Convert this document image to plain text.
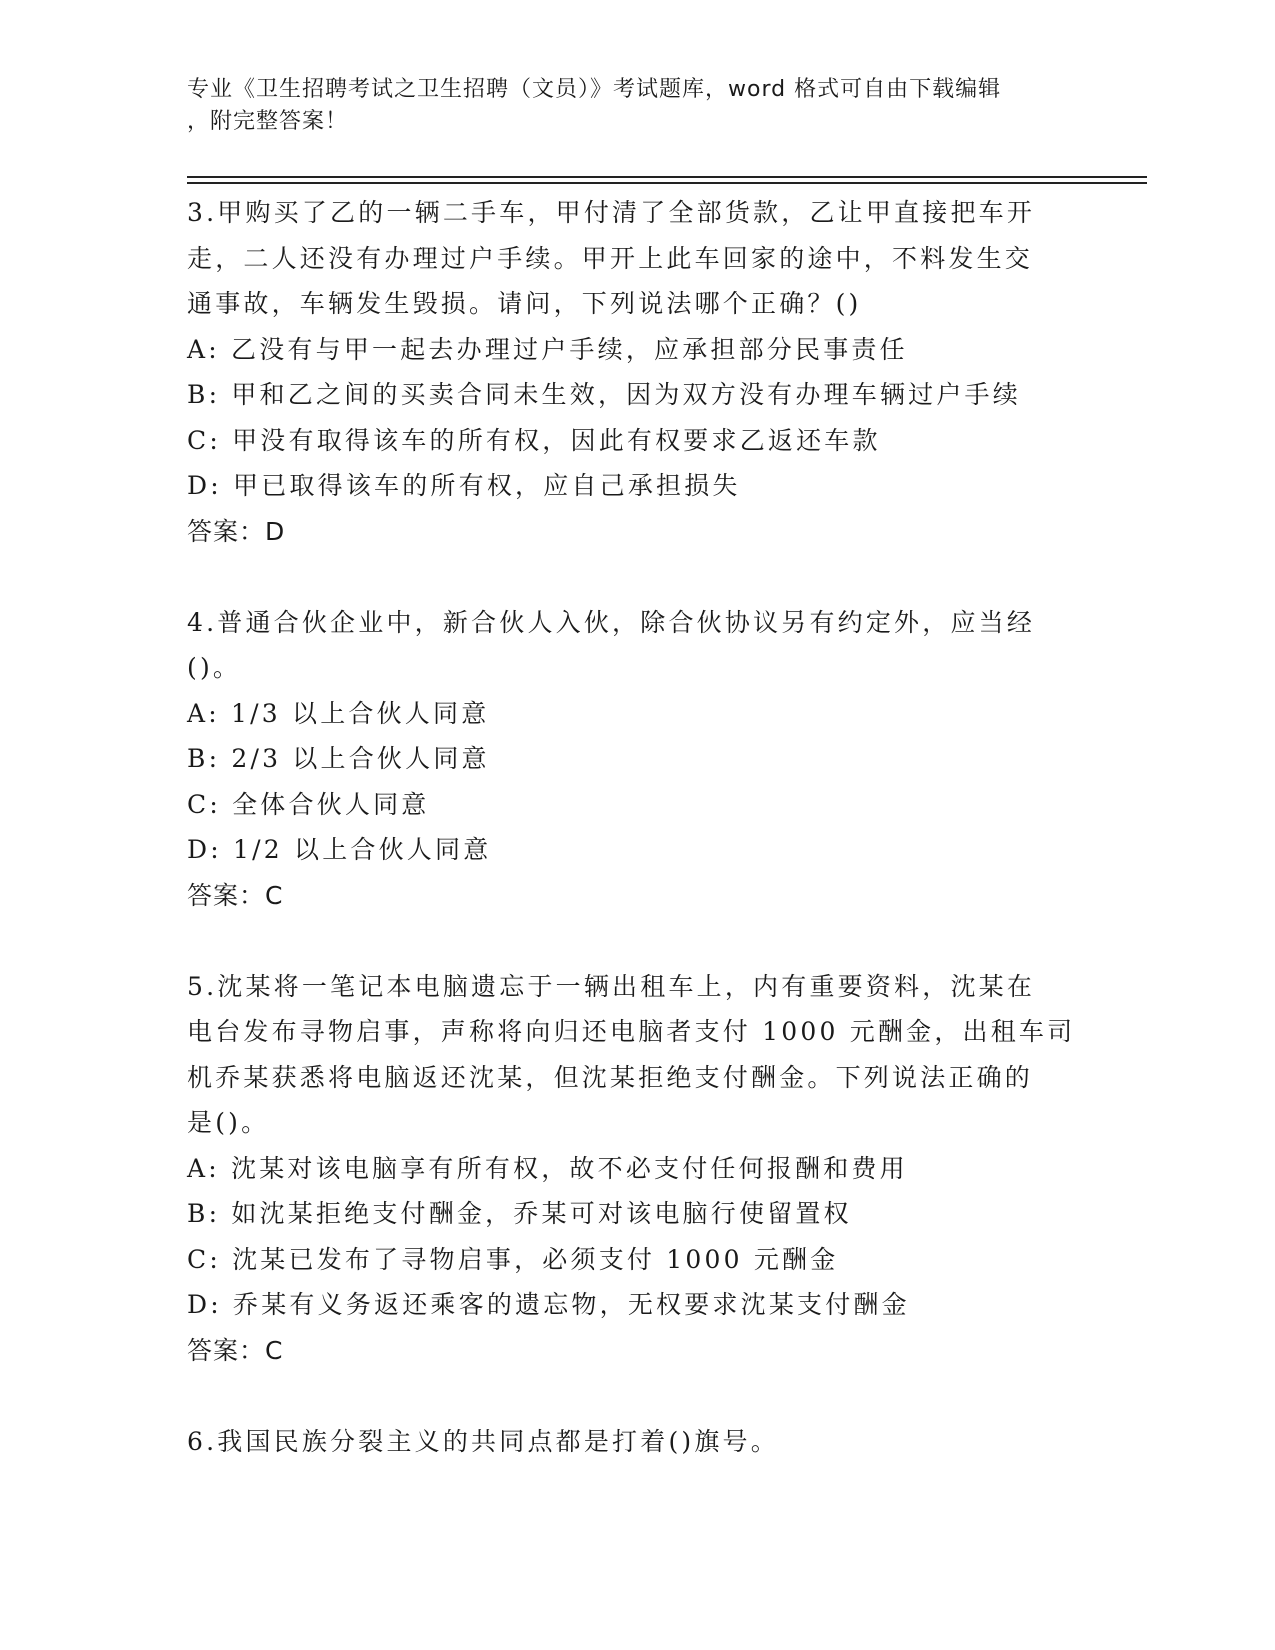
专业《卫生招聘考试之卫生招聘（文员）》考试题库，word 格式可自由下载编辑
，附完整答案！
3.甲购买了乙的一辆二手车，甲付清了全部货款，乙让甲直接把车开
走，二人还没有办理过户手续。甲开上此车回家的途中，不料发生交
通事故，车辆发生毁损。请问，下列说法哪个正确？()
A: 乙没有与甲一起去办理过户手续，应承担部分民事责任
B: 甲和乙之间的买卖合同未生效，因为双方没有办理车辆过户手续
C: 甲没有取得该车的所有权，因此有权要求乙返还车款
D: 甲已取得该车的所有权，应自己承担损失
答案：D
4.普通合伙企业中，新合伙人入伙，除合伙协议另有约定外，应当经
()。
A: 1/3 以上合伙人同意
B: 2/3 以上合伙人同意
C: 全体合伙人同意
D: 1/2 以上合伙人同意
答案：C
5.沈某将一笔记本电脑遗忘于一辆出租车上，内有重要资料，沈某在
电台发布寻物启事，声称将向归还电脑者支付 1000 元酬金，出租车司
机乔某获悉将电脑返还沈某，但沈某拒绝支付酬金。下列说法正确的
是()。
A: 沈某对该电脑享有所有权，故不必支付任何报酬和费用
B: 如沈某拒绝支付酬金，乔某可对该电脑行使留置权
C: 沈某已发布了寻物启事，必须支付 1000 元酬金
D: 乔某有义务返还乘客的遗忘物，无权要求沈某支付酬金
答案：C
6.我国民族分裂主义的共同点都是打着()旗号。
